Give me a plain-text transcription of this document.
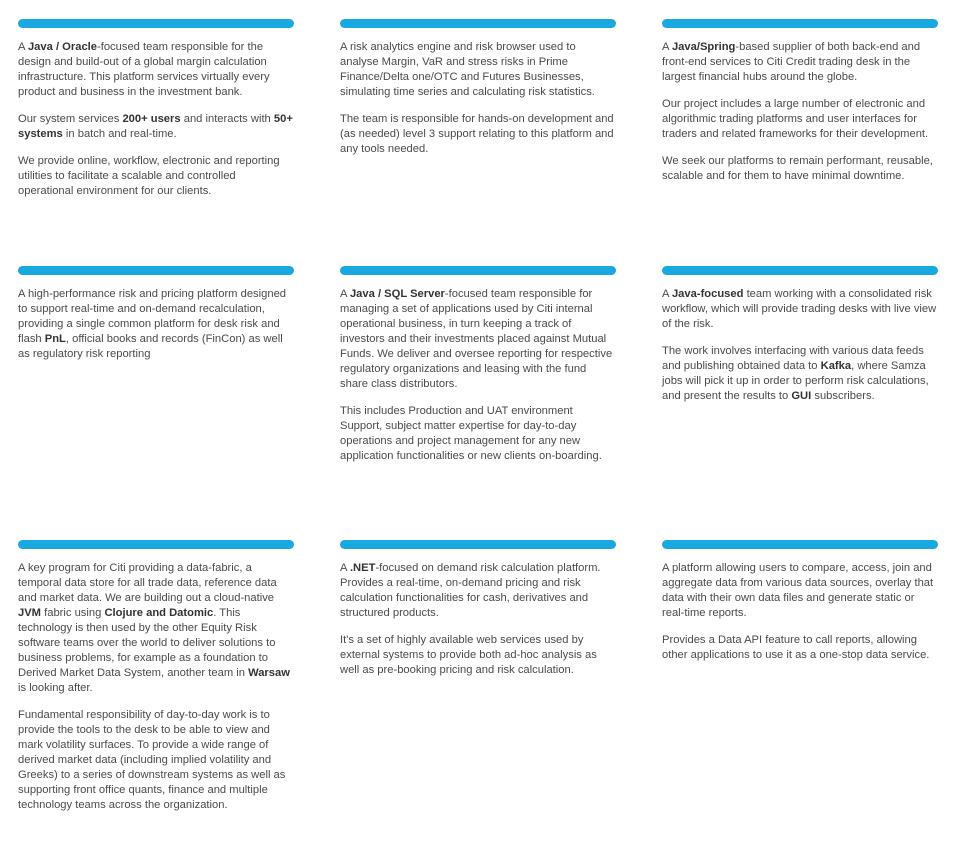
A Java / Oracle-focused team responsible for the design and build-out of a global margin calculation infrastructure. This platform services virtually every product and business in the investment bank.

Our system services 200+ users and interacts with 50+ systems in batch and real-time.

We provide online, workflow, electronic and reporting utilities to facilitate a scalable and controlled operational environment for our clients.

A risk analytics engine and risk browser used to analyse Margin, VaR and stress risks in Prime Finance/Delta one/OTC and Futures Businesses, simulating time series and calculating risk statistics.

The team is responsible for hands-on development and (as needed) level 3 support relating to this platform and any tools needed.

A Java/Spring-based supplier of both back-end and front-end services to Citi Credit trading desk in the largest financial hubs around the globe.

Our project includes a large number of electronic and algorithmic trading platforms and user interfaces for traders and related frameworks for their development.

We seek our platforms to remain performant, reusable, scalable and for them to have minimal downtime.

A high-performance risk and pricing platform designed to support real-time and on-demand recalculation, providing a single common platform for desk risk and flash PnL, official books and records (FinCon) as well as regulatory risk reporting

A Java / SQL Server-focused team responsible for managing a set of applications used by Citi internal operational business, in turn keeping a track of investors and their investments placed against Mutual Funds. We deliver and oversee reporting for respective regulatory organizations and leasing with the fund share class distributors.

This includes Production and UAT environment Support, subject matter expertise for day-to-day operations and project management for any new application functionalities or new clients on-boarding.

A Java-focused team working with a consolidated risk workflow, which will provide trading desks with live view of the risk.

The work involves interfacing with various data feeds and publishing obtained data to Kafka, where Samza jobs will pick it up in order to perform risk calculations, and present the results to GUI subscribers.

A key program for Citi providing a data-fabric, a temporal data store for all trade data, reference data and market data. We are building out a cloud-native JVM fabric using Clojure and Datomic. This technology is then used by the other Equity Risk software teams over the world to deliver solutions to business problems, for example as a foundation to Derived Market Data System, another team in Warsaw is looking after.

Fundamental responsibility of day-to-day work is to provide the tools to the desk to be able to view and mark volatility surfaces. To provide a wide range of derived market data (including implied volatility and Greeks) to a series of downstream systems as well as supporting front office quants, finance and multiple technology teams across the organization.

A .NET-focused on demand risk calculation platform. Provides a real-time, on-demand pricing and risk calculation functionalities for cash, derivatives and structured products.

It's a set of highly available web services used by external systems to provide both ad-hoc analysis as well as pre-booking pricing and risk calculation.

A platform allowing users to compare, access, join and aggregate data from various data sources, overlay that data with their own data files and generate static or real-time reports.

Provides a Data API feature to call reports, allowing other applications to use it as a one-stop data service.
